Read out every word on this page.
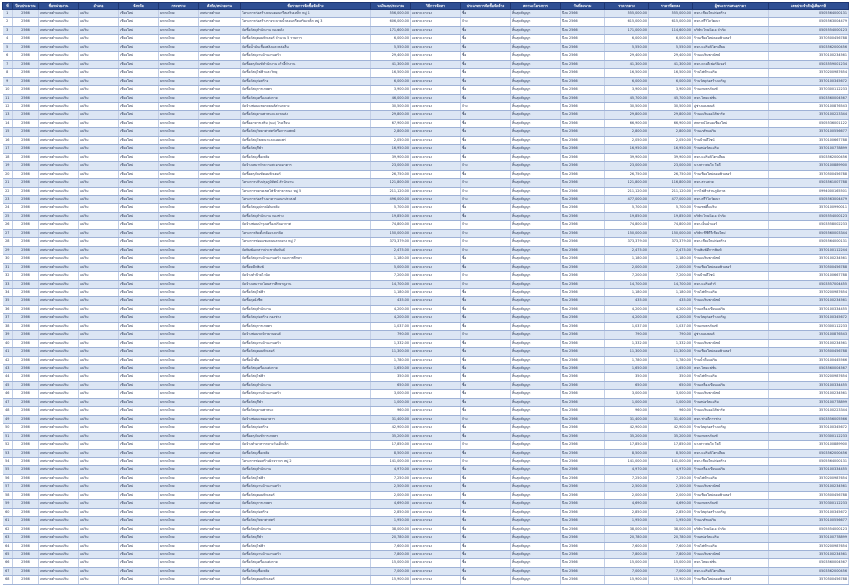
ที่	ปีงบประมาณ	ชื่อหน่วยงาน	อำเภอ	จังหวัด	กระทรวง	สังกัด/หน่วยงาน	ชื่อรายการจัดซื้อจัดจ้าง	วงเงินงบประมาณ	วิธีการจัดหา	ประเภทการจัดซื้อจัดจ้าง	สถานะโครงการ	วันที่ลงนาม	ราคากลาง	ราคาที่ตกลง	ผู้ชนะการเสนอราคา	เลขประจำตัวผู้เสียภาษี
1	2566	เทศบาลตำบลแม่ริม	แม่ริม	เชียงใหม่	มหาดไทย	เทศบาลตำบล	โครงการก่อสร้างถนนคอนกรีตเสริมเหล็ก หมู่ 1	556,000.00	เฉพาะเจาะจง	ซื้อ	สิ้นสุดสัญญา	ปีงบ 2566	555,000.00	555,000.00	หจก.เชียงใหม่ก่อสร้าง	0505564000131
2	2566	เทศบาลตำบลแม่ริม	แม่ริม	เชียงใหม่	มหาดไทย	เทศบาลตำบล	โครงการก่อสร้างรางระบายน้ำคอนกรีตเสริมเหล็ก หมู่ 3	606,000.00	เฉพาะเจาะจง	จ้าง	สิ้นสุดสัญญา	ปีงบ 2566	615,000.00	615,000.00	หจก.ศรีวิไลวัฒนา	0505563004479
3	2566	เทศบาลตำบลแม่ริม	แม่ริม	เชียงใหม่	มหาดไทย	เทศบาลตำบล	จัดซื้อวัสดุสำนักงาน กองคลัง	171,600.00	เฉพาะเจาะจง	ซื้อ	สิ้นสุดสัญญา	ปีงบ 2566	171,000.00	114,600.00	บริษัท ไทยโอเอ จำกัด	0505554000123
4	2566	เทศบาลตำบลแม่ริม	แม่ริม	เชียงใหม่	มหาดไทย	เทศบาลตำบล	จัดซื้อวัสดุคอมพิวเตอร์ จำนวน 5 รายการ	6,000.00	เฉพาะเจาะจง	ซื้อ	สิ้นสุดสัญญา	ปีงบ 2566	6,000.00	6,000.00	ร้านเชียงใหม่คอมพิวเตอร์	3570500456788
5	2566	เทศบาลตำบลแม่ริม	แม่ริม	เชียงใหม่	มหาดไทย	เทศบาลตำบล	จัดซื้อน้ำมันเชื้อเพลิงและหล่อลื่น	5,550.00	เฉพาะเจาะจง	ซื้อ	สิ้นสุดสัญญา	ปีงบ 2566	5,550.00	5,550.00	หจก.แม่ริมปิโตรเลียม	0503562000456
6	2566	เทศบาลตำบลแม่ริม	แม่ริม	เชียงใหม่	มหาดไทย	เทศบาลตำบล	จัดซื้อวัสดุงานบ้านงานครัว	29,400.00	เฉพาะเจาะจง	ซื้อ	สิ้นสุดสัญญา	ปีงบ 2566	29,400.00	29,400.00	ร้านแม่ริมพาณิชย์	3570100234561
7	2566	เทศบาลตำบลแม่ริม	แม่ริม	เชียงใหม่	มหาดไทย	เทศบาลตำบล	จัดซื้อครุภัณฑ์สำนักงาน เก้าอี้ทำงาน	41,300.00	เฉพาะเจาะจง	ซื้อ	สิ้นสุดสัญญา	ปีงบ 2566	41,300.00	41,300.00	หจก.ดวงดีเฟอร์นิเจอร์	0503559001234
8	2566	เทศบาลตำบลแม่ริม	แม่ริม	เชียงใหม่	มหาดไทย	เทศบาลตำบล	จัดซื้อวัสดุไฟฟ้าและวิทยุ	16,500.00	เฉพาะเจาะจง	ซื้อ	สิ้นสุดสัญญา	ปีงบ 2566	16,500.00	16,500.00	ร้านไฟฟ้าแม่ริม	3570200987654
9	2566	เทศบาลตำบลแม่ริม	แม่ริม	เชียงใหม่	มหาดไทย	เทศบาลตำบล	จัดซื้อวัสดุก่อสร้าง	6,000.00	เฉพาะเจาะจง	ซื้อ	สิ้นสุดสัญญา	ปีงบ 2566	6,000.00	6,000.00	ร้านวัสดุก่อสร้างเจริญ	3570100345672
10	2566	เทศบาลตำบลแม่ริม	แม่ริม	เชียงใหม่	มหาดไทย	เทศบาลตำบล	จัดซื้อวัสดุการเกษตร	3,900.00	เฉพาะเจาะจง	ซื้อ	สิ้นสุดสัญญา	ปีงบ 2566	3,900.00	3,900.00	ร้านเกษตรภัณฑ์	3570300112233
11	2566	เทศบาลตำบลแม่ริม	แม่ริม	เชียงใหม่	มหาดไทย	เทศบาลตำบล	จัดซื้อวัสดุเครื่องแต่งกาย	46,000.00	เฉพาะเจาะจง	ซื้อ	สิ้นสุดสัญญา	ปีงบ 2566	45,700.00	45,700.00	หจก.ไทยแฟชั่น	0503560004567
12	2566	เทศบาลตำบลแม่ริม	แม่ริม	เชียงใหม่	มหาดไทย	เทศบาลตำบล	จัดจ้างซ่อมแซมรถยนต์ส่วนกลาง	30,500.00	เฉพาะเจาะจง	จ้าง	สิ้นสุดสัญญา	ปีงบ 2566	30,500.00	30,500.00	อู่ช่างแดงยนต์	3570100876543
13	2566	เทศบาลตำบลแม่ริม	แม่ริม	เชียงใหม่	มหาดไทย	เทศบาลตำบล	จัดซื้อวัสดุยานพาหนะและขนส่ง	29,800.00	เฉพาะเจาะจง	ซื้อ	สิ้นสุดสัญญา	ปีงบ 2566	29,800.00	29,800.00	ร้านแม่ริมออโต้พาร์ท	3570100223344
14	2566	เทศบาลตำบลแม่ริม	แม่ริม	เชียงใหม่	มหาดไทย	เทศบาลตำบล	จัดซื้ออาหารเสริม (นม) โรงเรียน	67,900.00	เฉพาะเจาะจง	ซื้อ	สิ้นสุดสัญญา	ปีงบ 2566	66,900.00	66,900.00	สหกรณ์โคนมเชียงใหม่	0505536001122
15	2566	เทศบาลตำบลแม่ริม	แม่ริม	เชียงใหม่	มหาดไทย	เทศบาลตำบล	จัดซื้อวัสดุวิทยาศาสตร์หรือการแพทย์	2,800.00	เฉพาะเจาะจง	ซื้อ	สิ้นสุดสัญญา	ปีงบ 2566	2,800.00	2,800.00	ร้านเภสัชแม่ริม	3570100556677
16	2566	เทศบาลตำบลแม่ริม	แม่ริม	เชียงใหม่	มหาดไทย	เทศบาลตำบล	จัดซื้อวัสดุโฆษณาและเผยแพร่	2,050.00	เฉพาะเจาะจง	ซื้อ	สิ้นสุดสัญญา	ปีงบ 2566	2,050.00	2,050.00	ร้านป้ายดีไซน์	3570100667788
17	2566	เทศบาลตำบลแม่ริม	แม่ริม	เชียงใหม่	มหาดไทย	เทศบาลตำบล	จัดซื้อวัสดุกีฬา	16,950.00	เฉพาะเจาะจง	ซื้อ	สิ้นสุดสัญญา	ปีงบ 2566	16,950.00	16,950.00	ร้านสปอร์ตแม่ริม	3570100778899
18	2566	เทศบาลตำบลแม่ริม	แม่ริม	เชียงใหม่	มหาดไทย	เทศบาลตำบล	จัดซื้อวัสดุเชื้อเพลิง	39,900.00	เฉพาะเจาะจง	ซื้อ	สิ้นสุดสัญญา	ปีงบ 2566	39,900.00	39,900.00	หจก.แม่ริมปิโตรเลียม	0503562000456
19	2566	เทศบาลตำบลแม่ริม	แม่ริม	เชียงใหม่	มหาดไทย	เทศบาลตำบล	จัดจ้างเหมาทำความสะอาดอาคาร	23,000.00	เฉพาะเจาะจง	จ้าง	สิ้นสุดสัญญา	ปีงบ 2566	23,000.00	23,000.00	นางสาวสมใจ ใจดี	3570100889900
20	2566	เทศบาลตำบลแม่ริม	แม่ริม	เชียงใหม่	มหาดไทย	เทศบาลตำบล	จัดซื้อครุภัณฑ์คอมพิวเตอร์	26,750.00	เฉพาะเจาะจง	ซื้อ	สิ้นสุดสัญญา	ปีงบ 2566	26,750.00	26,750.00	ร้านเชียงใหม่คอมพิวเตอร์	3570500456788
21	2566	เทศบาลตำบลแม่ริม	แม่ริม	เชียงใหม่	มหาดไทย	เทศบาลตำบล	โครงการปรับปรุงภูมิทัศน์ สำนักงาน	121,800.00	เฉพาะเจาะจง	จ้าง	สิ้นสุดสัญญา	ปีงบ 2566	121,800.00	116,800.00	หจก.สวนสวย	0503561007788
22	2566	เทศบาลตำบลแม่ริม	แม่ริม	เชียงใหม่	มหาดไทย	เทศบาลตำบล	โครงการขยายเขตไฟฟ้าสาธารณะ หมู่ 5	211,120.00	เฉพาะเจาะจง	จ้าง	สิ้นสุดสัญญา	ปีงบ 2566	211,120.00	211,120.00	การไฟฟ้าส่วนภูมิภาค	0994000165501
23	2566	เทศบาลตำบลแม่ริม	แม่ริม	เชียงใหม่	มหาดไทย	เทศบาลตำบล	โครงการก่อสร้างอาคารเอนกประสงค์	496,000.00	เฉพาะเจาะจง	จ้าง	สิ้นสุดสัญญา	ปีงบ 2566	477,000.00	477,000.00	หจก.ศรีวิไลวัฒนา	0505563004479
24	2566	เทศบาลตำบลแม่ริม	แม่ริม	เชียงใหม่	มหาดไทย	เทศบาลตำบล	จัดซื้อวัสดุอุปกรณ์ดับเพลิง	5,700.00	เฉพาะเจาะจง	ซื้อ	สิ้นสุดสัญญา	ปีงบ 2566	5,700.00	5,700.00	ร้านเซฟตี้แม่ริม	3570100990011
25	2566	เทศบาลตำบลแม่ริม	แม่ริม	เชียงใหม่	มหาดไทย	เทศบาลตำบล	จัดซื้อวัสดุสำนักงาน กองช่าง	19,850.00	เฉพาะเจาะจง	ซื้อ	สิ้นสุดสัญญา	ปีงบ 2566	19,850.00	19,850.00	บริษัท ไทยโอเอ จำกัด	0505554000123
26	2566	เทศบาลตำบลแม่ริม	แม่ริม	เชียงใหม่	มหาดไทย	เทศบาลตำบล	จัดจ้างซ่อมบำรุงเครื่องปรับอากาศ	74,800.00	เฉพาะเจาะจง	จ้าง	สิ้นสุดสัญญา	ปีงบ 2566	74,800.00	74,800.00	หจก.เย็นฉ่ำแอร์	0503558002233
27	2566	เทศบาลตำบลแม่ริม	แม่ริม	เชียงใหม่	มหาดไทย	เทศบาลตำบล	โครงการติดตั้งกล้องวงจรปิด	150,000.00	เฉพาะเจาะจง	จ้าง	สิ้นสุดสัญญา	ปีงบ 2566	150,000.00	150,000.00	บริษัท ซีซีทีวีเชียงใหม่	0505560003344
28	2566	เทศบาลตำบลแม่ริม	แม่ริม	เชียงใหม่	มหาดไทย	เทศบาลตำบล	โครงการซ่อมแซมถนนลาดยาง หมู่ 7	373,379.00	เฉพาะเจาะจง	จ้าง	สิ้นสุดสัญญา	ปีงบ 2566	373,379.00	373,379.00	หจก.เชียงใหม่ก่อสร้าง	0505564000131
29	2566	เทศบาลตำบลแม่ริม	แม่ริม	เชียงใหม่	มหาดไทย	เทศบาลตำบล	จัดพิมพ์เอกสารประชาสัมพันธ์	2,475.00	เฉพาะเจาะจง	จ้าง	สิ้นสุดสัญญา	ปีงบ 2566	2,475.00	2,475.00	ร้านพิมพ์ดีการพิมพ์	3570100112244
30	2566	เทศบาลตำบลแม่ริม	แม่ริม	เชียงใหม่	มหาดไทย	เทศบาลตำบล	จัดซื้อวัสดุงานบ้านงานครัว กองการศึกษา	1,180.00	เฉพาะเจาะจง	ซื้อ	สิ้นสุดสัญญา	ปีงบ 2566	1,180.00	1,180.00	ร้านแม่ริมพาณิชย์	3570100234561
31	2566	เทศบาลตำบลแม่ริม	แม่ริม	เชียงใหม่	มหาดไทย	เทศบาลตำบล	จัดซื้อหมึกพิมพ์	5,000.00	เฉพาะเจาะจง	ซื้อ	สิ้นสุดสัญญา	ปีงบ 2566	2,000.00	2,000.00	ร้านเชียงใหม่คอมพิวเตอร์	3570500456788
32	2566	เทศบาลตำบลแม่ริม	แม่ริม	เชียงใหม่	มหาดไทย	เทศบาลตำบล	จัดจ้างทำป้ายไวนิล	7,200.00	เฉพาะเจาะจง	จ้าง	สิ้นสุดสัญญา	ปีงบ 2566	7,200.00	7,200.00	ร้านป้ายดีไซน์	3570100667788
33	2566	เทศบาลตำบลแม่ริม	แม่ริม	เชียงใหม่	มหาดไทย	เทศบาลตำบล	จัดจ้างเหมารถโดยสารศึกษาดูงาน	14,700.00	เฉพาะเจาะจง	จ้าง	สิ้นสุดสัญญา	ปีงบ 2566	14,700.00	14,700.00	หจก.แม่ริมทัวร์	0503557004455
34	2566	เทศบาลตำบลแม่ริม	แม่ริม	เชียงใหม่	มหาดไทย	เทศบาลตำบล	จัดซื้อวัสดุไฟฟ้า	1,180.00	เฉพาะเจาะจง	ซื้อ	สิ้นสุดสัญญา	ปีงบ 2566	1,180.00	1,180.00	ร้านไฟฟ้าแม่ริม	3570200987654
35	2566	เทศบาลตำบลแม่ริม	แม่ริม	เชียงใหม่	มหาดไทย	เทศบาลตำบล	จัดซื้อถุงยังชีพ	435.00	เฉพาะเจาะจง	ซื้อ	สิ้นสุดสัญญา	ปีงบ 2566	435.00	435.00	ร้านแม่ริมพาณิชย์	3570100234561
36	2566	เทศบาลตำบลแม่ริม	แม่ริม	เชียงใหม่	มหาดไทย	เทศบาลตำบล	จัดซื้อวัสดุสำนักงาน	4,200.00	เฉพาะเจาะจง	ซื้อ	สิ้นสุดสัญญา	ปีงบ 2566	4,200.00	4,200.00	ร้านเครื่องเขียนแม่ริม	3570100334455
37	2566	เทศบาลตำบลแม่ริม	แม่ริม	เชียงใหม่	มหาดไทย	เทศบาลตำบล	จัดซื้อวัสดุก่อสร้าง กองช่าง	4,200.00	เฉพาะเจาะจง	ซื้อ	สิ้นสุดสัญญา	ปีงบ 2566	4,200.00	4,200.00	ร้านวัสดุก่อสร้างเจริญ	3570100345672
38	2566	เทศบาลตำบลแม่ริม	แม่ริม	เชียงใหม่	มหาดไทย	เทศบาลตำบล	จัดซื้อวัสดุการเกษตร	1,037.00	เฉพาะเจาะจง	ซื้อ	สิ้นสุดสัญญา	ปีงบ 2566	1,037.00	1,037.00	ร้านเกษตรภัณฑ์	3570300112233
39	2566	เทศบาลตำบลแม่ริม	แม่ริม	เชียงใหม่	มหาดไทย	เทศบาลตำบล	จัดจ้างซ่อมรถจักรยานยนต์	790.00	เฉพาะเจาะจง	จ้าง	สิ้นสุดสัญญา	ปีงบ 2566	790.00	790.00	อู่ช่างแดงยนต์	3570100876543
40	2566	เทศบาลตำบลแม่ริม	แม่ริม	เชียงใหม่	มหาดไทย	เทศบาลตำบล	จัดซื้อวัสดุงานบ้านงานครัว	1,332.00	เฉพาะเจาะจง	ซื้อ	สิ้นสุดสัญญา	ปีงบ 2566	1,332.00	1,332.00	ร้านแม่ริมพาณิชย์	3570100234561
41	2566	เทศบาลตำบลแม่ริม	แม่ริม	เชียงใหม่	มหาดไทย	เทศบาลตำบล	จัดซื้อวัสดุคอมพิวเตอร์	11,300.00	เฉพาะเจาะจง	ซื้อ	สิ้นสุดสัญญา	ปีงบ 2566	11,300.00	11,300.00	ร้านเชียงใหม่คอมพิวเตอร์	3570500456788
42	2566	เทศบาลตำบลแม่ริม	แม่ริม	เชียงใหม่	มหาดไทย	เทศบาลตำบล	จัดซื้อน้ำดื่ม	1,780.00	เฉพาะเจาะจง	ซื้อ	สิ้นสุดสัญญา	ปีงบ 2566	1,780.00	1,780.00	ร้านน้ำดื่มแม่ริม	3570100445566
43	2566	เทศบาลตำบลแม่ริม	แม่ริม	เชียงใหม่	มหาดไทย	เทศบาลตำบล	จัดซื้อวัสดุเครื่องแต่งกาย	1,650.00	เฉพาะเจาะจง	ซื้อ	สิ้นสุดสัญญา	ปีงบ 2566	1,650.00	1,650.00	หจก.ไทยแฟชั่น	0503560004567
44	2566	เทศบาลตำบลแม่ริม	แม่ริม	เชียงใหม่	มหาดไทย	เทศบาลตำบล	จัดซื้อวัสดุไฟฟ้า	350.00	เฉพาะเจาะจง	ซื้อ	สิ้นสุดสัญญา	ปีงบ 2566	350.00	350.00	ร้านไฟฟ้าแม่ริม	3570200987654
45	2566	เทศบาลตำบลแม่ริม	แม่ริม	เชียงใหม่	มหาดไทย	เทศบาลตำบล	จัดซื้อวัสดุสำนักงาน	650.00	เฉพาะเจาะจง	ซื้อ	สิ้นสุดสัญญา	ปีงบ 2566	650.00	650.00	ร้านเครื่องเขียนแม่ริม	3570100334455
46	2566	เทศบาลตำบลแม่ริม	แม่ริม	เชียงใหม่	มหาดไทย	เทศบาลตำบล	จัดซื้อวัสดุงานบ้านงานครัว	3,000.00	เฉพาะเจาะจง	ซื้อ	สิ้นสุดสัญญา	ปีงบ 2566	3,000.00	3,000.00	ร้านแม่ริมพาณิชย์	3570100234561
47	2566	เทศบาลตำบลแม่ริม	แม่ริม	เชียงใหม่	มหาดไทย	เทศบาลตำบล	จัดซื้อวัสดุกีฬา	1,000.00	เฉพาะเจาะจง	ซื้อ	สิ้นสุดสัญญา	ปีงบ 2566	1,000.00	1,000.00	ร้านสปอร์ตแม่ริม	3570100778899
48	2566	เทศบาลตำบลแม่ริม	แม่ริม	เชียงใหม่	มหาดไทย	เทศบาลตำบล	จัดซื้อวัสดุยานพาหนะ	960.00	เฉพาะเจาะจง	ซื้อ	สิ้นสุดสัญญา	ปีงบ 2566	960.00	960.00	ร้านแม่ริมออโต้พาร์ท	3570100223344
49	2566	เทศบาลตำบลแม่ริม	แม่ริม	เชียงใหม่	มหาดไทย	เทศบาลตำบล	จัดจ้างซ่อมแซมอาคาร	31,400.00	เฉพาะเจาะจง	จ้าง	สิ้นสุดสัญญา	ปีงบ 2566	31,400.00	31,400.00	หจก.ช่างดีการช่าง	0503556005566
50	2566	เทศบาลตำบลแม่ริม	แม่ริม	เชียงใหม่	มหาดไทย	เทศบาลตำบล	จัดซื้อวัสดุก่อสร้าง	42,900.00	เฉพาะเจาะจง	ซื้อ	สิ้นสุดสัญญา	ปีงบ 2566	42,900.00	42,900.00	ร้านวัสดุก่อสร้างเจริญ	3570100345672
51	2566	เทศบาลตำบลแม่ริม	แม่ริม	เชียงใหม่	มหาดไทย	เทศบาลตำบล	จัดซื้อครุภัณฑ์การเกษตร	35,200.00	เฉพาะเจาะจง	ซื้อ	สิ้นสุดสัญญา	ปีงบ 2566	35,200.00	35,200.00	ร้านเกษตรภัณฑ์	3570300112233
52	2566	เทศบาลตำบลแม่ริม	แม่ริม	เชียงใหม่	มหาดไทย	เทศบาลตำบล	จัดจ้างทำอาหารกลางวันเด็กเล็ก	17,850.00	เฉพาะเจาะจง	จ้าง	สิ้นสุดสัญญา	ปีงบ 2566	17,850.00	17,850.00	นางสาวสมใจ ใจดี	3570100889900
53	2566	เทศบาลตำบลแม่ริม	แม่ริม	เชียงใหม่	มหาดไทย	เทศบาลตำบล	จัดซื้อวัสดุเชื้อเพลิง	8,500.00	เฉพาะเจาะจง	ซื้อ	สิ้นสุดสัญญา	ปีงบ 2566	8,500.00	8,500.00	หจก.แม่ริมปิโตรเลียม	0503562000456
54	2566	เทศบาลตำบลแม่ริม	แม่ริม	เชียงใหม่	มหาดไทย	เทศบาลตำบล	โครงการซ่อมสร้างผิวจราจร หมู่ 2	141,000.00	เฉพาะเจาะจง	จ้าง	สิ้นสุดสัญญา	ปีงบ 2566	141,000.00	141,000.00	หจก.เชียงใหม่ก่อสร้าง	0505564000131
55	2566	เทศบาลตำบลแม่ริม	แม่ริม	เชียงใหม่	มหาดไทย	เทศบาลตำบล	จัดซื้อวัสดุสำนักงาน	4,970.00	เฉพาะเจาะจง	ซื้อ	สิ้นสุดสัญญา	ปีงบ 2566	4,970.00	4,970.00	ร้านเครื่องเขียนแม่ริม	3570100334455
56	2566	เทศบาลตำบลแม่ริม	แม่ริม	เชียงใหม่	มหาดไทย	เทศบาลตำบล	จัดซื้อวัสดุไฟฟ้า	7,250.00	เฉพาะเจาะจง	ซื้อ	สิ้นสุดสัญญา	ปีงบ 2566	7,250.00	7,250.00	ร้านไฟฟ้าแม่ริม	3570200987654
57	2566	เทศบาลตำบลแม่ริม	แม่ริม	เชียงใหม่	มหาดไทย	เทศบาลตำบล	จัดซื้อวัสดุงานบ้านงานครัว	2,500.00	เฉพาะเจาะจง	ซื้อ	สิ้นสุดสัญญา	ปีงบ 2566	2,500.00	2,500.00	ร้านแม่ริมพาณิชย์	3570100234561
58	2566	เทศบาลตำบลแม่ริม	แม่ริม	เชียงใหม่	มหาดไทย	เทศบาลตำบล	จัดซื้อวัสดุคอมพิวเตอร์	2,000.00	เฉพาะเจาะจง	ซื้อ	สิ้นสุดสัญญา	ปีงบ 2566	2,000.00	2,000.00	ร้านเชียงใหม่คอมพิวเตอร์	3570500456788
59	2566	เทศบาลตำบลแม่ริม	แม่ริม	เชียงใหม่	มหาดไทย	เทศบาลตำบล	จัดซื้อวัสดุการเกษตร	4,690.00	เฉพาะเจาะจง	ซื้อ	สิ้นสุดสัญญา	ปีงบ 2566	4,690.00	4,690.00	ร้านเกษตรภัณฑ์	3570300112233
60	2566	เทศบาลตำบลแม่ริม	แม่ริม	เชียงใหม่	มหาดไทย	เทศบาลตำบล	จัดซื้อวัสดุก่อสร้าง	2,850.00	เฉพาะเจาะจง	ซื้อ	สิ้นสุดสัญญา	ปีงบ 2566	2,850.00	2,850.00	ร้านวัสดุก่อสร้างเจริญ	3570100345672
61	2566	เทศบาลตำบลแม่ริม	แม่ริม	เชียงใหม่	มหาดไทย	เทศบาลตำบล	จัดซื้อวัสดุวิทยาศาสตร์	1,950.00	เฉพาะเจาะจง	ซื้อ	สิ้นสุดสัญญา	ปีงบ 2566	1,950.00	1,950.00	ร้านเภสัชแม่ริม	3570100556677
62	2566	เทศบาลตำบลแม่ริม	แม่ริม	เชียงใหม่	มหาดไทย	เทศบาลตำบล	จัดซื้อวัสดุสำนักงาน	38,000.00	เฉพาะเจาะจง	ซื้อ	สิ้นสุดสัญญา	ปีงบ 2566	38,000.00	38,000.00	บริษัท ไทยโอเอ จำกัด	0505554000123
63	2566	เทศบาลตำบลแม่ริม	แม่ริม	เชียงใหม่	มหาดไทย	เทศบาลตำบล	จัดซื้อวัสดุกีฬา	20,780.00	เฉพาะเจาะจง	ซื้อ	สิ้นสุดสัญญา	ปีงบ 2566	20,780.00	20,780.00	ร้านสปอร์ตแม่ริม	3570100778899
64	2566	เทศบาลตำบลแม่ริม	แม่ริม	เชียงใหม่	มหาดไทย	เทศบาลตำบล	จัดซื้อวัสดุไฟฟ้า	7,600.00	เฉพาะเจาะจง	ซื้อ	สิ้นสุดสัญญา	ปีงบ 2566	7,600.00	7,600.00	ร้านไฟฟ้าแม่ริม	3570200987654
65	2566	เทศบาลตำบลแม่ริม	แม่ริม	เชียงใหม่	มหาดไทย	เทศบาลตำบล	จัดซื้อวัสดุงานบ้านงานครัว	7,800.00	เฉพาะเจาะจง	ซื้อ	สิ้นสุดสัญญา	ปีงบ 2566	7,800.00	7,800.00	ร้านแม่ริมพาณิชย์	3570100234561
66	2566	เทศบาลตำบลแม่ริม	แม่ริม	เชียงใหม่	มหาดไทย	เทศบาลตำบล	จัดซื้อวัสดุเครื่องแต่งกาย	15,000.00	เฉพาะเจาะจง	ซื้อ	สิ้นสุดสัญญา	ปีงบ 2566	15,000.00	15,000.00	หจก.ไทยแฟชั่น	0503560004567
67	2566	เทศบาลตำบลแม่ริม	แม่ริม	เชียงใหม่	มหาดไทย	เทศบาลตำบล	จัดซื้อวัสดุเชื้อเพลิง	7,000.00	เฉพาะเจาะจง	ซื้อ	สิ้นสุดสัญญา	ปีงบ 2566	7,000.00	7,000.00	หจก.แม่ริมปิโตรเลียม	0503562000456
68	2566	เทศบาลตำบลแม่ริม	แม่ริม	เชียงใหม่	มหาดไทย	เทศบาลตำบล	จัดซื้อวัสดุคอมพิวเตอร์	15,900.00	เฉพาะเจาะจง	ซื้อ	สิ้นสุดสัญญา	ปีงบ 2566	15,900.00	15,900.00	ร้านเชียงใหม่คอมพิวเตอร์	3570500456788
